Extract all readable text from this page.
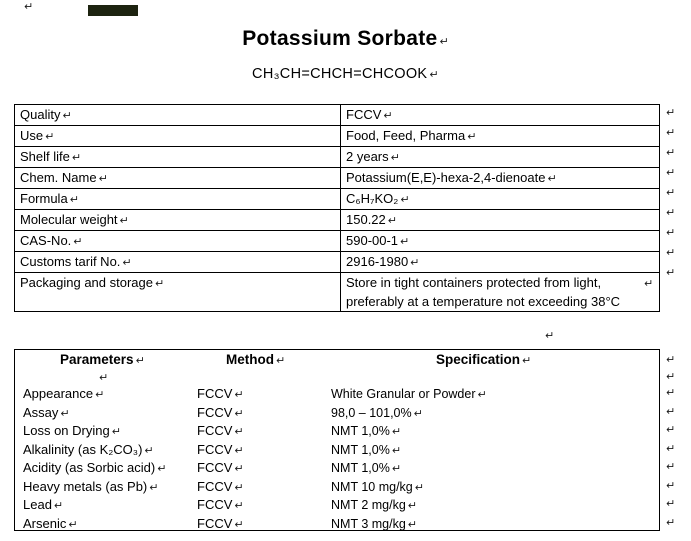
↵
Potassium Sorbate ↵
CH₃CH=CHCH=CHCOOK ↵
Quality ↵	FCCV ↵
Use ↵	Food, Feed, Pharma ↵
Shelf life ↵	2 years ↵
Chem. Name ↵	Potassium(E,E)-hexa-2,4-dienoate ↵
Formula ↵	C₆H₇KO₂ ↵
Molecular weight ↵	150.22 ↵
CAS-No. ↵	590-00-1 ↵
Customs tarif No. ↵	2916-1980 ↵
Packaging and storage ↵	Store in tight containers protected from light, preferably at a temperature not exceeding 38°C↵
↵
↵
↵
↵
↵
↵
↵
↵
↵
↵
Parameters ↵	Method ↵	Specification ↵
↵
Appearance ↵	FCCV ↵	White Granular or Powder ↵
Assay ↵	FCCV ↵	98,0 – 101,0% ↵
Loss on Drying ↵	FCCV ↵	NMT 1,0% ↵
Alkalinity (as K₂CO₃) ↵	FCCV ↵	NMT 1,0% ↵
Acidity (as Sorbic acid) ↵	FCCV ↵	NMT 1,0% ↵
Heavy metals (as Pb) ↵	FCCV ↵	NMT 10 mg/kg ↵
Lead ↵	FCCV ↵	NMT 2 mg/kg ↵
Arsenic ↵	FCCV ↵	NMT 3 mg/kg ↵
↵
↵
↵
↵
↵
↵
↵
↵
↵
↵
